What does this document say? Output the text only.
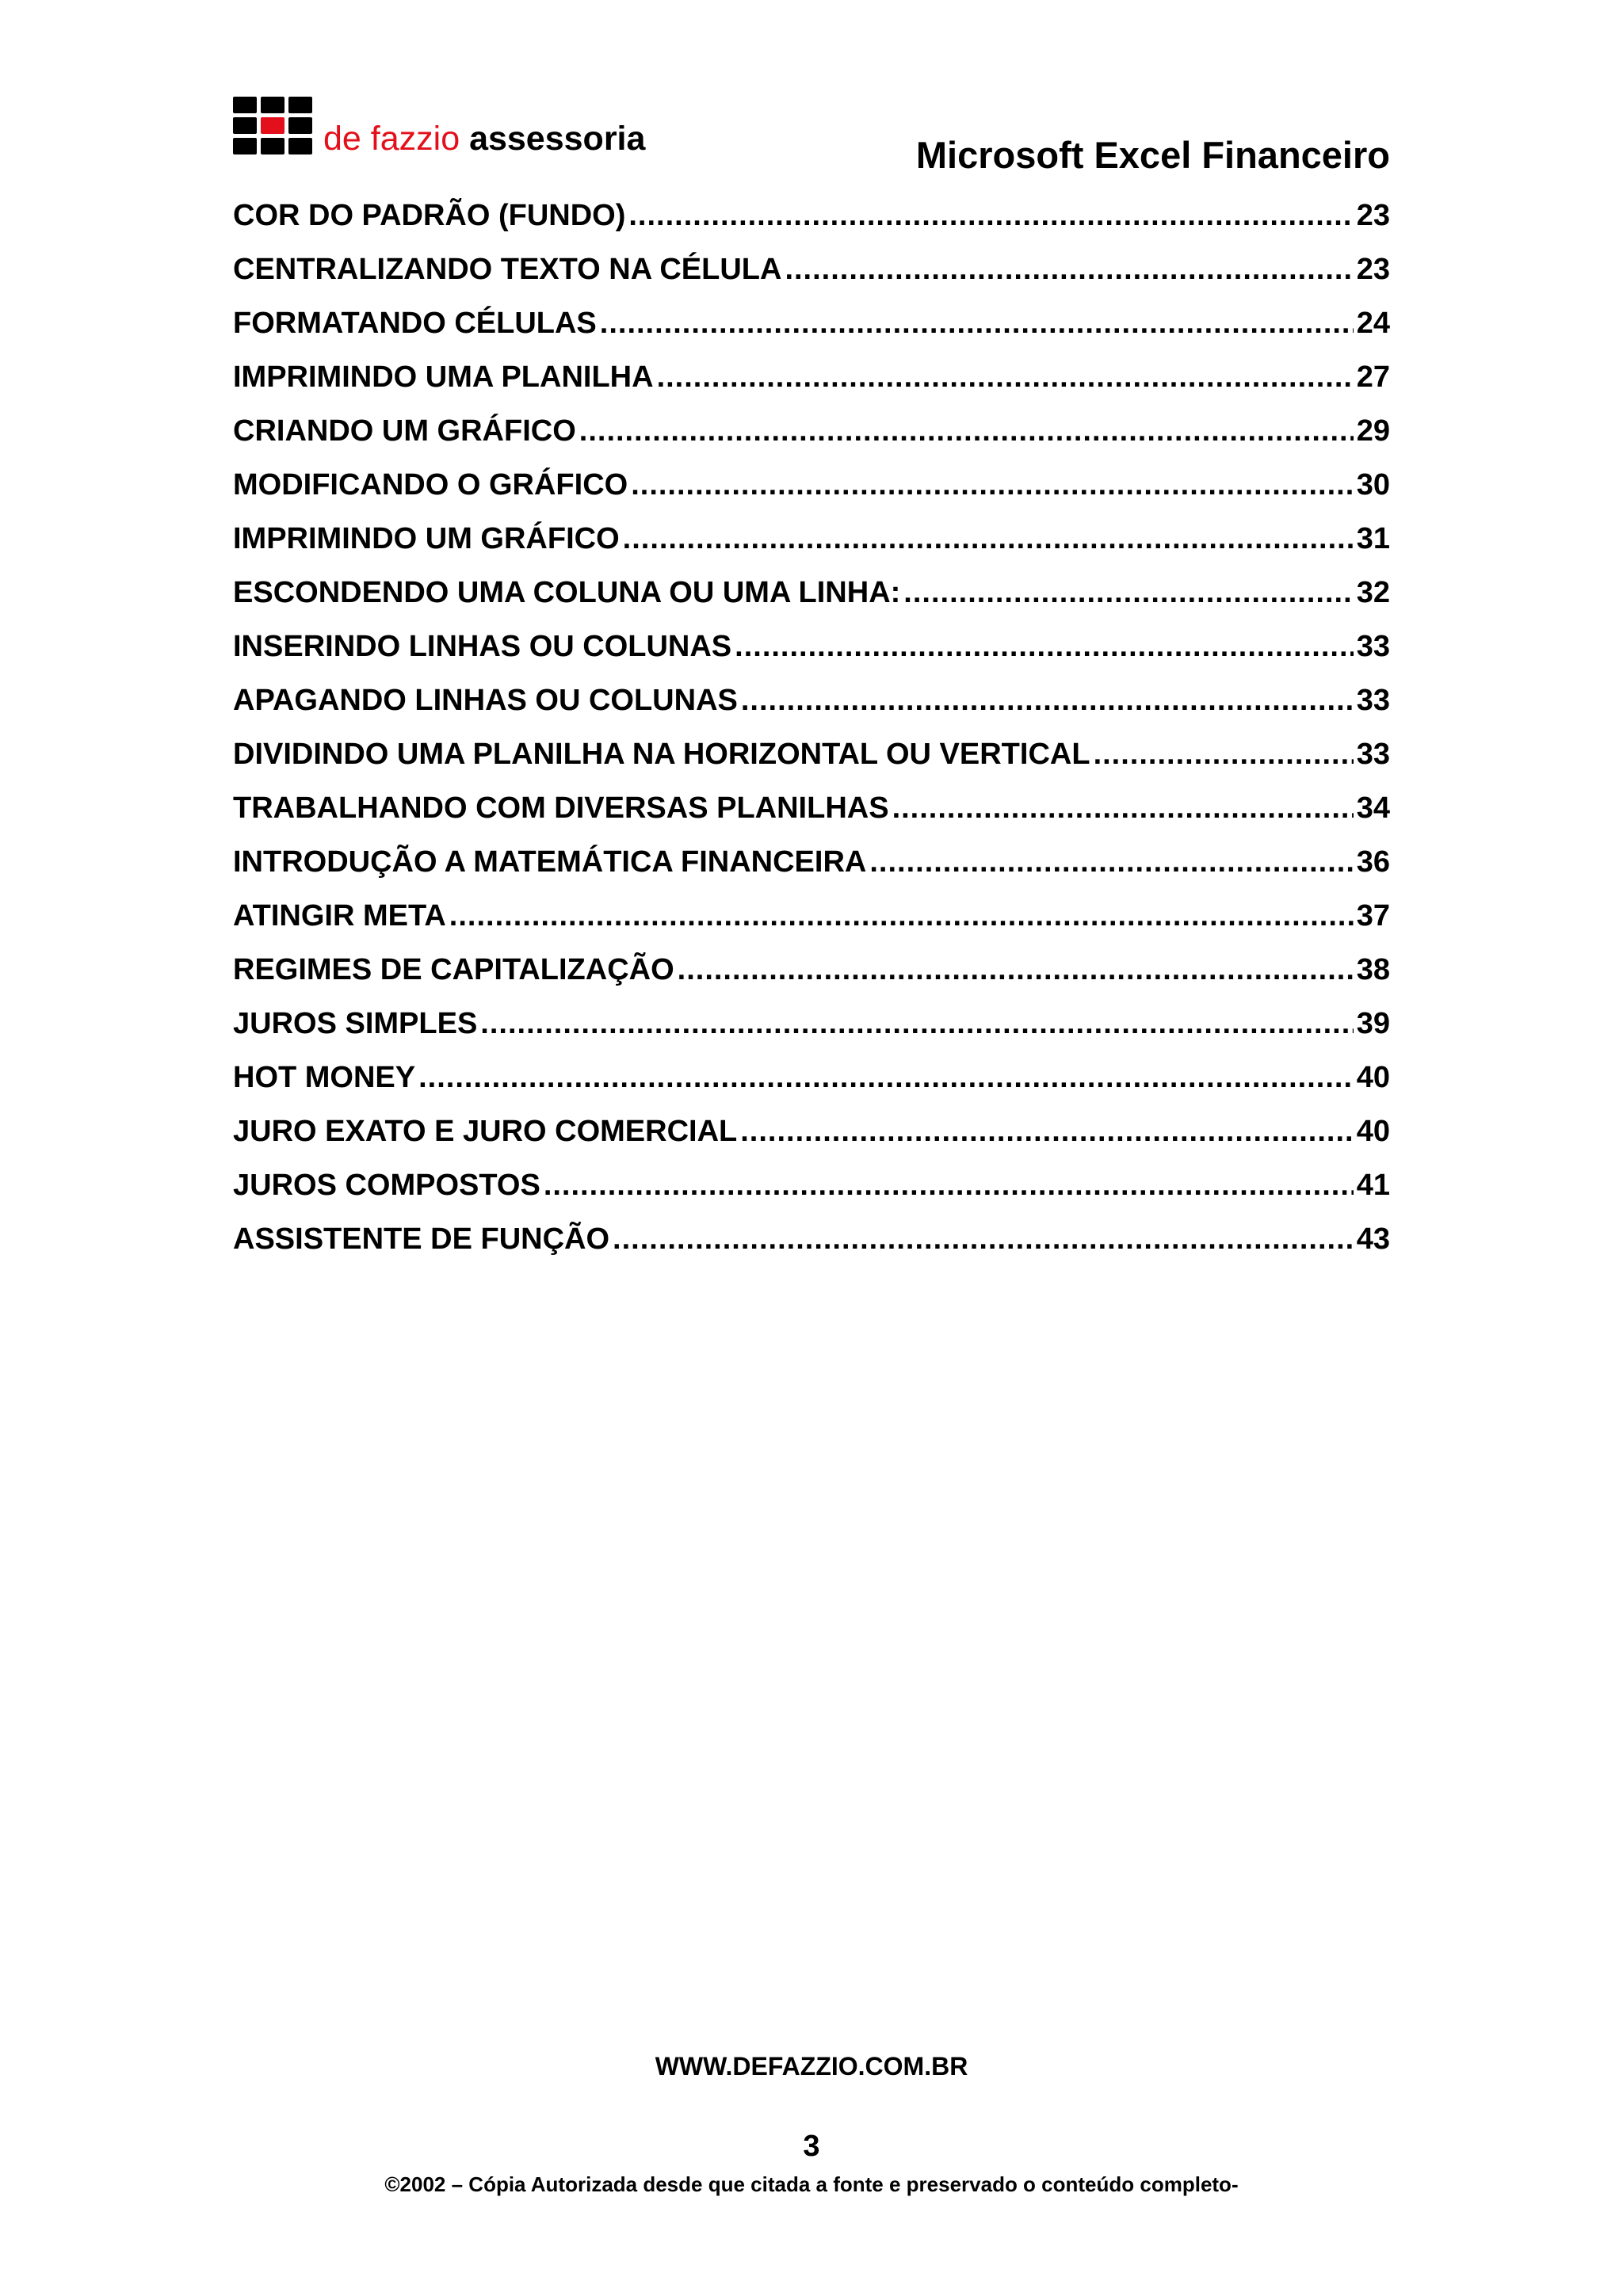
de fazzio assessoria	Microsoft Excel Financeiro
COR DO PADRÃO (FUNDO) .....	23
CENTRALIZANDO TEXTO NA CÉLULA .....	23
FORMATANDO CÉLULAS .....	24
IMPRIMINDO UMA PLANILHA .....	27
CRIANDO UM GRÁFICO .....	29
MODIFICANDO O GRÁFICO .....	30
IMPRIMINDO UM GRÁFICO .....	31
ESCONDENDO UMA COLUNA OU UMA LINHA: .....	32
INSERINDO LINHAS OU COLUNAS .....	33
APAGANDO LINHAS OU COLUNAS .....	33
DIVIDINDO UMA PLANILHA NA HORIZONTAL OU VERTICAL .....	33
TRABALHANDO COM DIVERSAS PLANILHAS .....	34
INTRODUÇÃO A MATEMÁTICA FINANCEIRA .....	36
ATINGIR META .....	37
REGIMES DE CAPITALIZAÇÃO .....	38
JUROS SIMPLES .....	39
HOT MONEY .....	40
JURO EXATO E JURO COMERCIAL .....	40
JUROS COMPOSTOS .....	41
ASSISTENTE DE FUNÇÃO .....	43
WWW.DEFAZZIO.COM.BR
3
©2002 – Cópia Autorizada desde que citada a fonte e preservado o conteúdo completo-
